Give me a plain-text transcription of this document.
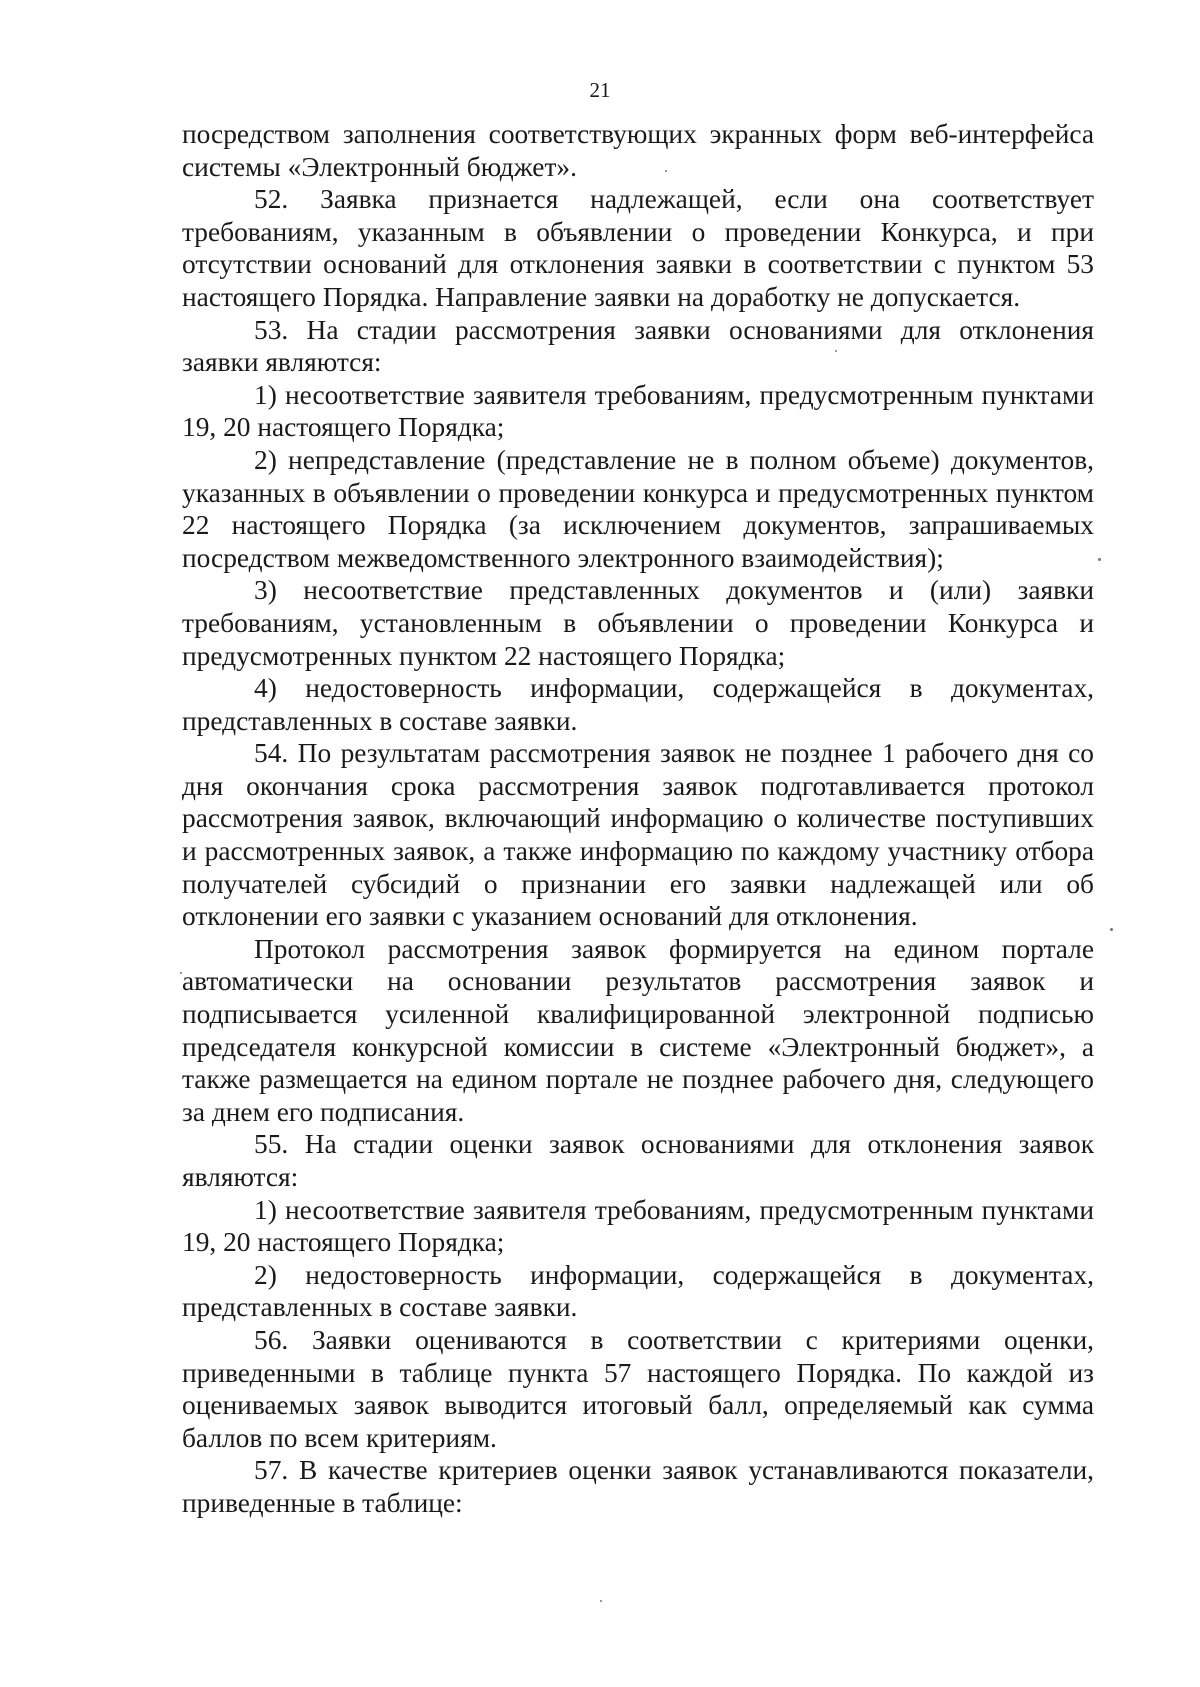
21

посредством заполнения соответствующих экранных форм веб-интерфейса системы «Электронный бюджет».

52. Заявка признается надлежащей, если она соответствует требованиям, указанным в объявлении о проведении Конкурса, и при отсутствии оснований для отклонения заявки в соответствии с пунктом 53 настоящего Порядка. Направление заявки на доработку не допускается.

53. На стадии рассмотрения заявки основаниями для отклонения заявки являются:

1) несоответствие заявителя требованиям, предусмотренным пунктами 19, 20 настоящего Порядка;

2) непредставление (представление не в полном объеме) документов, указанных в объявлении о проведении конкурса и предусмотренных пунктом 22 настоящего Порядка (за исключением документов, запрашиваемых посредством межведомственного электронного взаимодействия);

3) несоответствие представленных документов и (или) заявки требованиям, установленным в объявлении о проведении Конкурса и предусмотренных пунктом 22 настоящего Порядка;

4) недостоверность информации, содержащейся в документах, представленных в составе заявки.

54. По результатам рассмотрения заявок не позднее 1 рабочего дня со дня окончания срока рассмотрения заявок подготавливается протокол рассмотрения заявок, включающий информацию о количестве поступивших и рассмотренных заявок, а также информацию по каждому участнику отбора получателей субсидий о признании его заявки надлежащей или об отклонении его заявки с указанием оснований для отклонения.

Протокол рассмотрения заявок формируется на едином портале автоматически на основании результатов рассмотрения заявок и подписывается усиленной квалифицированной электронной подписью председателя конкурсной комиссии в системе «Электронный бюджет», а также размещается на едином портале не позднее рабочего дня, следующего за днем его подписания.

55. На стадии оценки заявок основаниями для отклонения заявок являются:

1) несоответствие заявителя требованиям, предусмотренным пунктами 19, 20 настоящего Порядка;

2) недостоверность информации, содержащейся в документах, представленных в составе заявки.

56. Заявки оцениваются в соответствии с критериями оценки, приведенными в таблице пункта 57 настоящего Порядка. По каждой из оцениваемых заявок выводится итоговый балл, определяемый как сумма баллов по всем критериям.

57. В качестве критериев оценки заявок устанавливаются показатели, приведенные в таблице:
